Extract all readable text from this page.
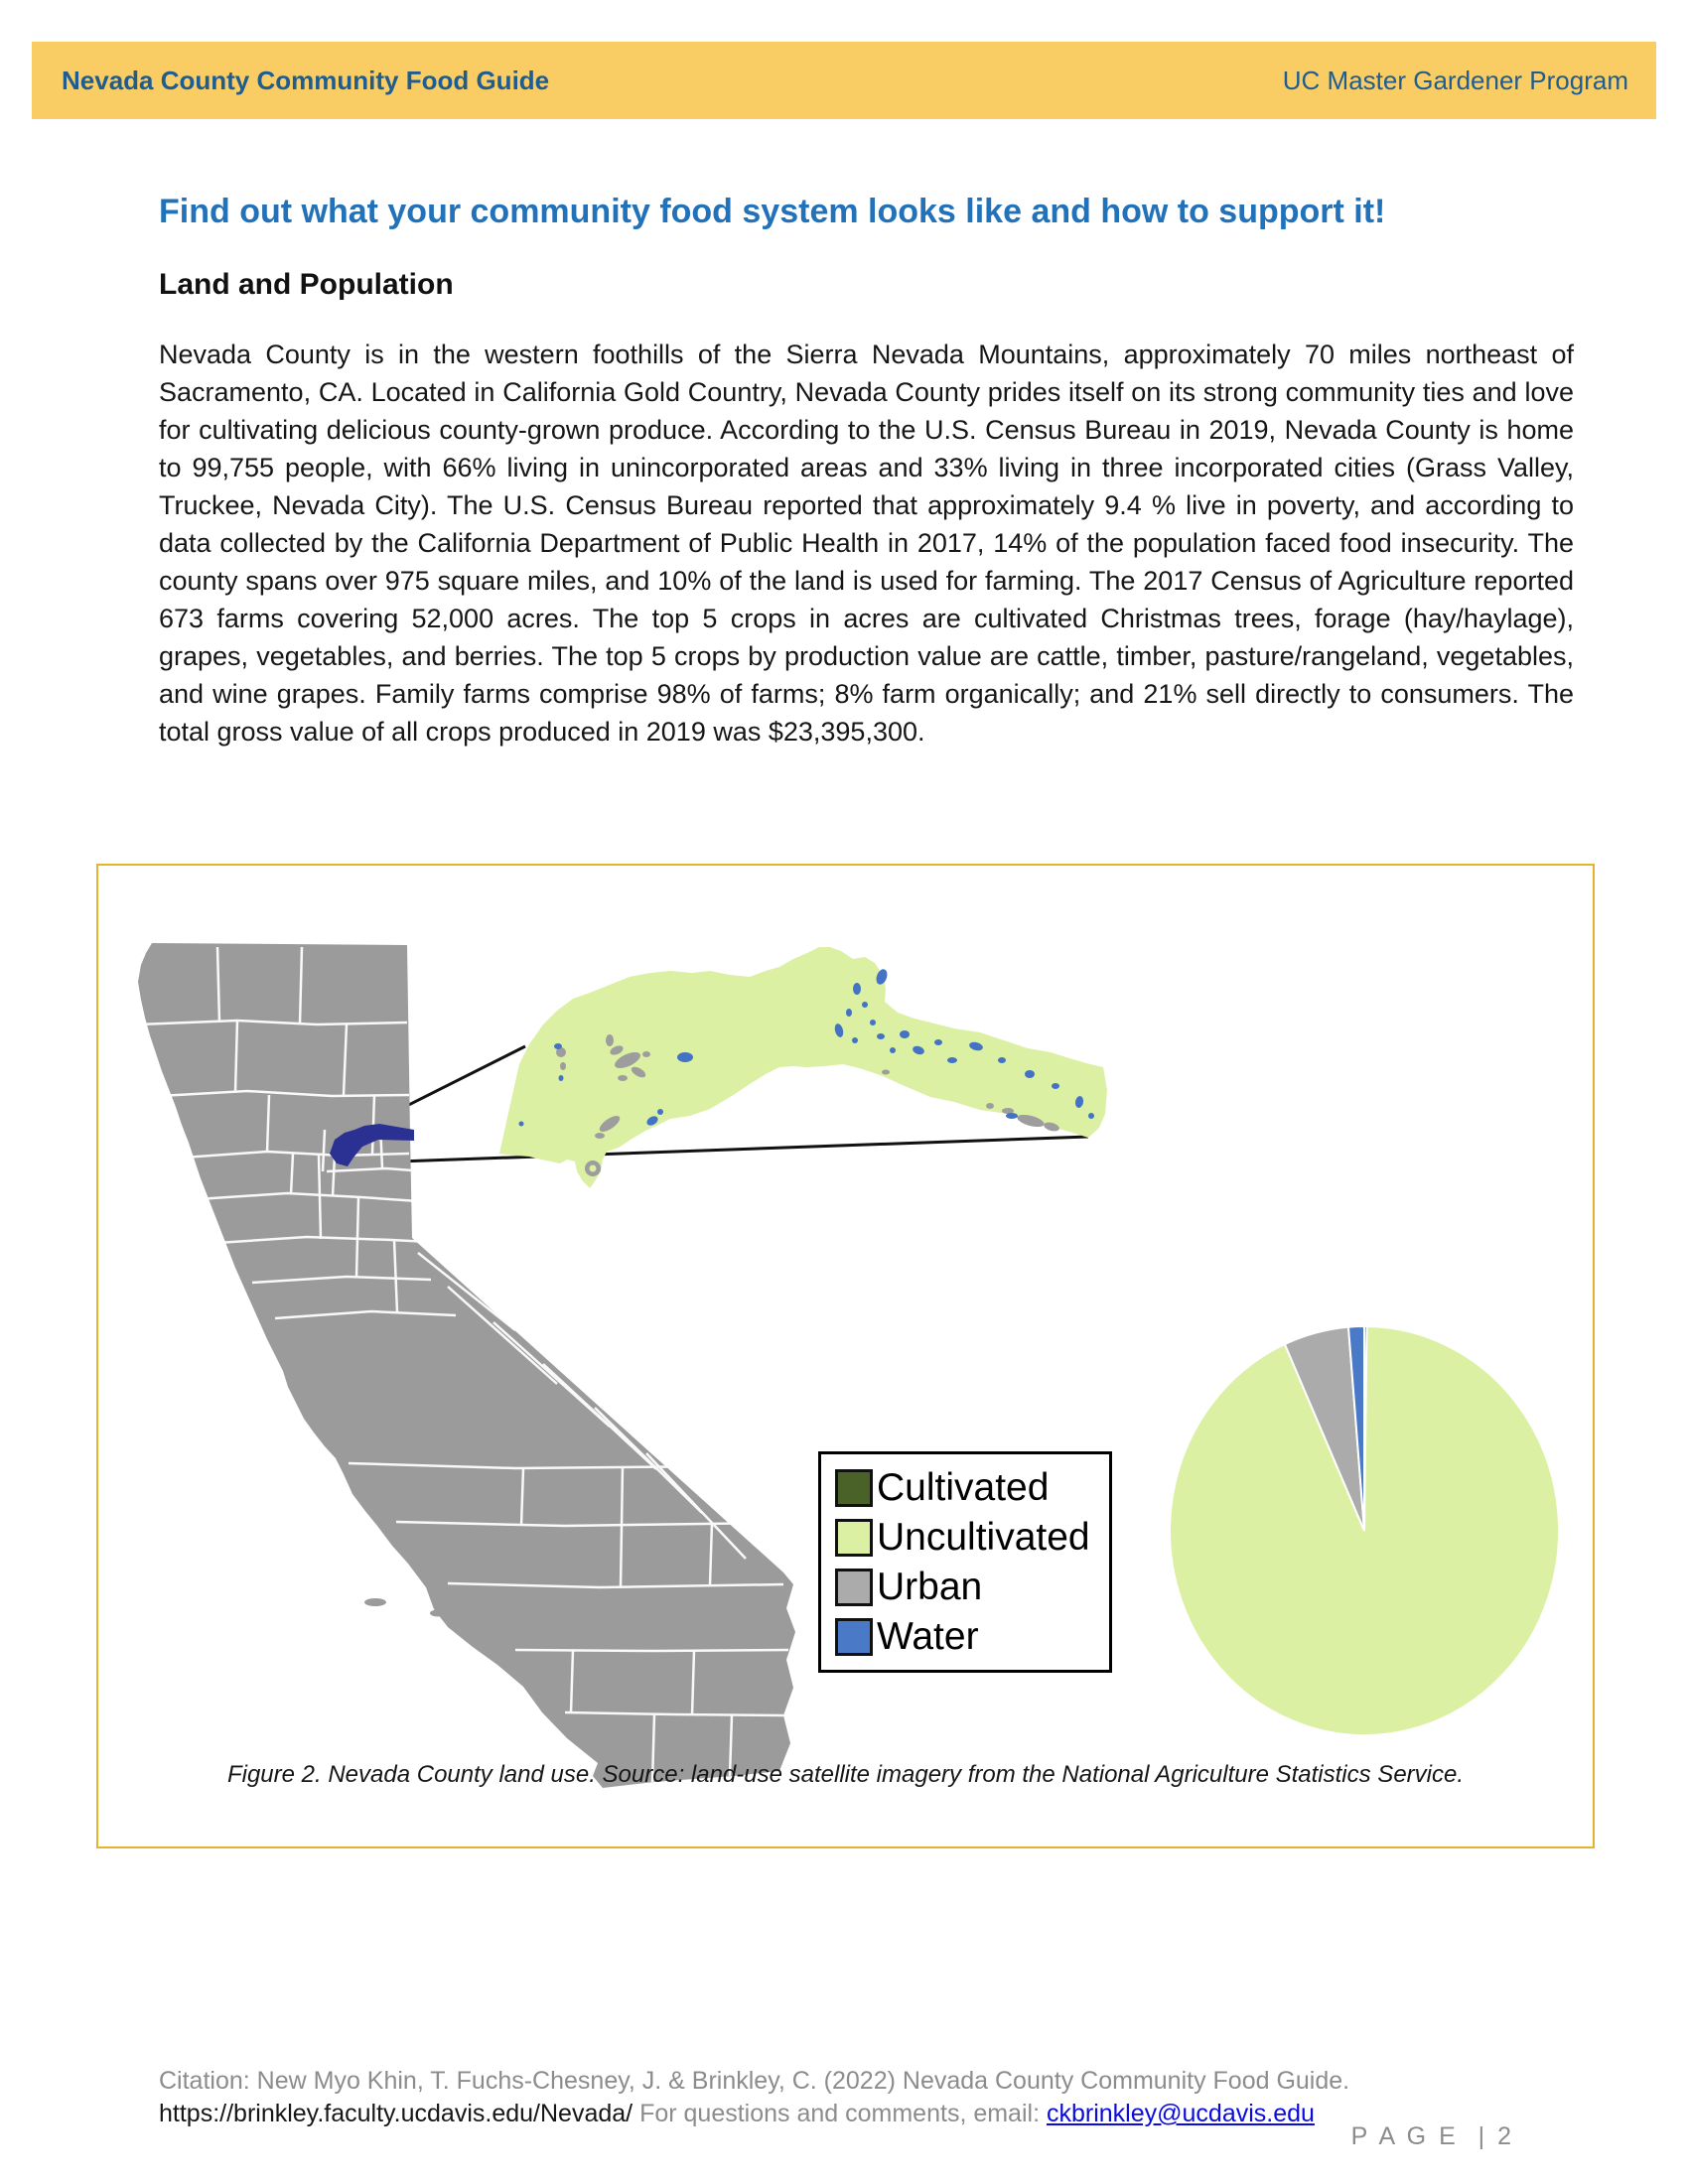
Nevada County Community Food Guide	UC Master Gardener Program
Find out what your community food system looks like and how to support it!
Land and Population
Nevada County is in the western foothills of the Sierra Nevada Mountains, approximately 70 miles northeast of Sacramento, CA. Located in California Gold Country, Nevada County prides itself on its strong community ties and love for cultivating delicious county-grown produce. According to the U.S. Census Bureau in 2019, Nevada County is home to 99,755 people, with 66% living in unincorporated areas and 33% living in three incorporated cities (Grass Valley, Truckee, Nevada City). The U.S. Census Bureau reported that approximately 9.4 % live in poverty, and according to data collected by the California Department of Public Health in 2017, 14% of the population faced food insecurity. The county spans over 975 square miles, and 10% of the land is used for farming. The 2017 Census of Agriculture reported 673 farms covering 52,000 acres. The top 5 crops in acres are cultivated Christmas trees, forage (hay/haylage), grapes, vegetables, and berries. The top 5 crops by production value are cattle, timber, pasture/rangeland, vegetables, and wine grapes. Family farms comprise 98% of farms; 8% farm organically; and 21% sell directly to consumers. The total gross value of all crops produced in 2019 was $23,395,300.
Cultivated
Uncultivated
Urban
Water
Figure 2. Nevada County land use. Source: land-use satellite imagery from the National Agriculture Statistics Service.
Citation: New Myo Khin, T. Fuchs-Chesney, J. & Brinkley, C. (2022) Nevada County Community Food Guide.
https://brinkley.faculty.ucdavis.edu/Nevada/ For questions and comments, email: ckbrinkley@ucdavis.edu
P A G E  | 2
